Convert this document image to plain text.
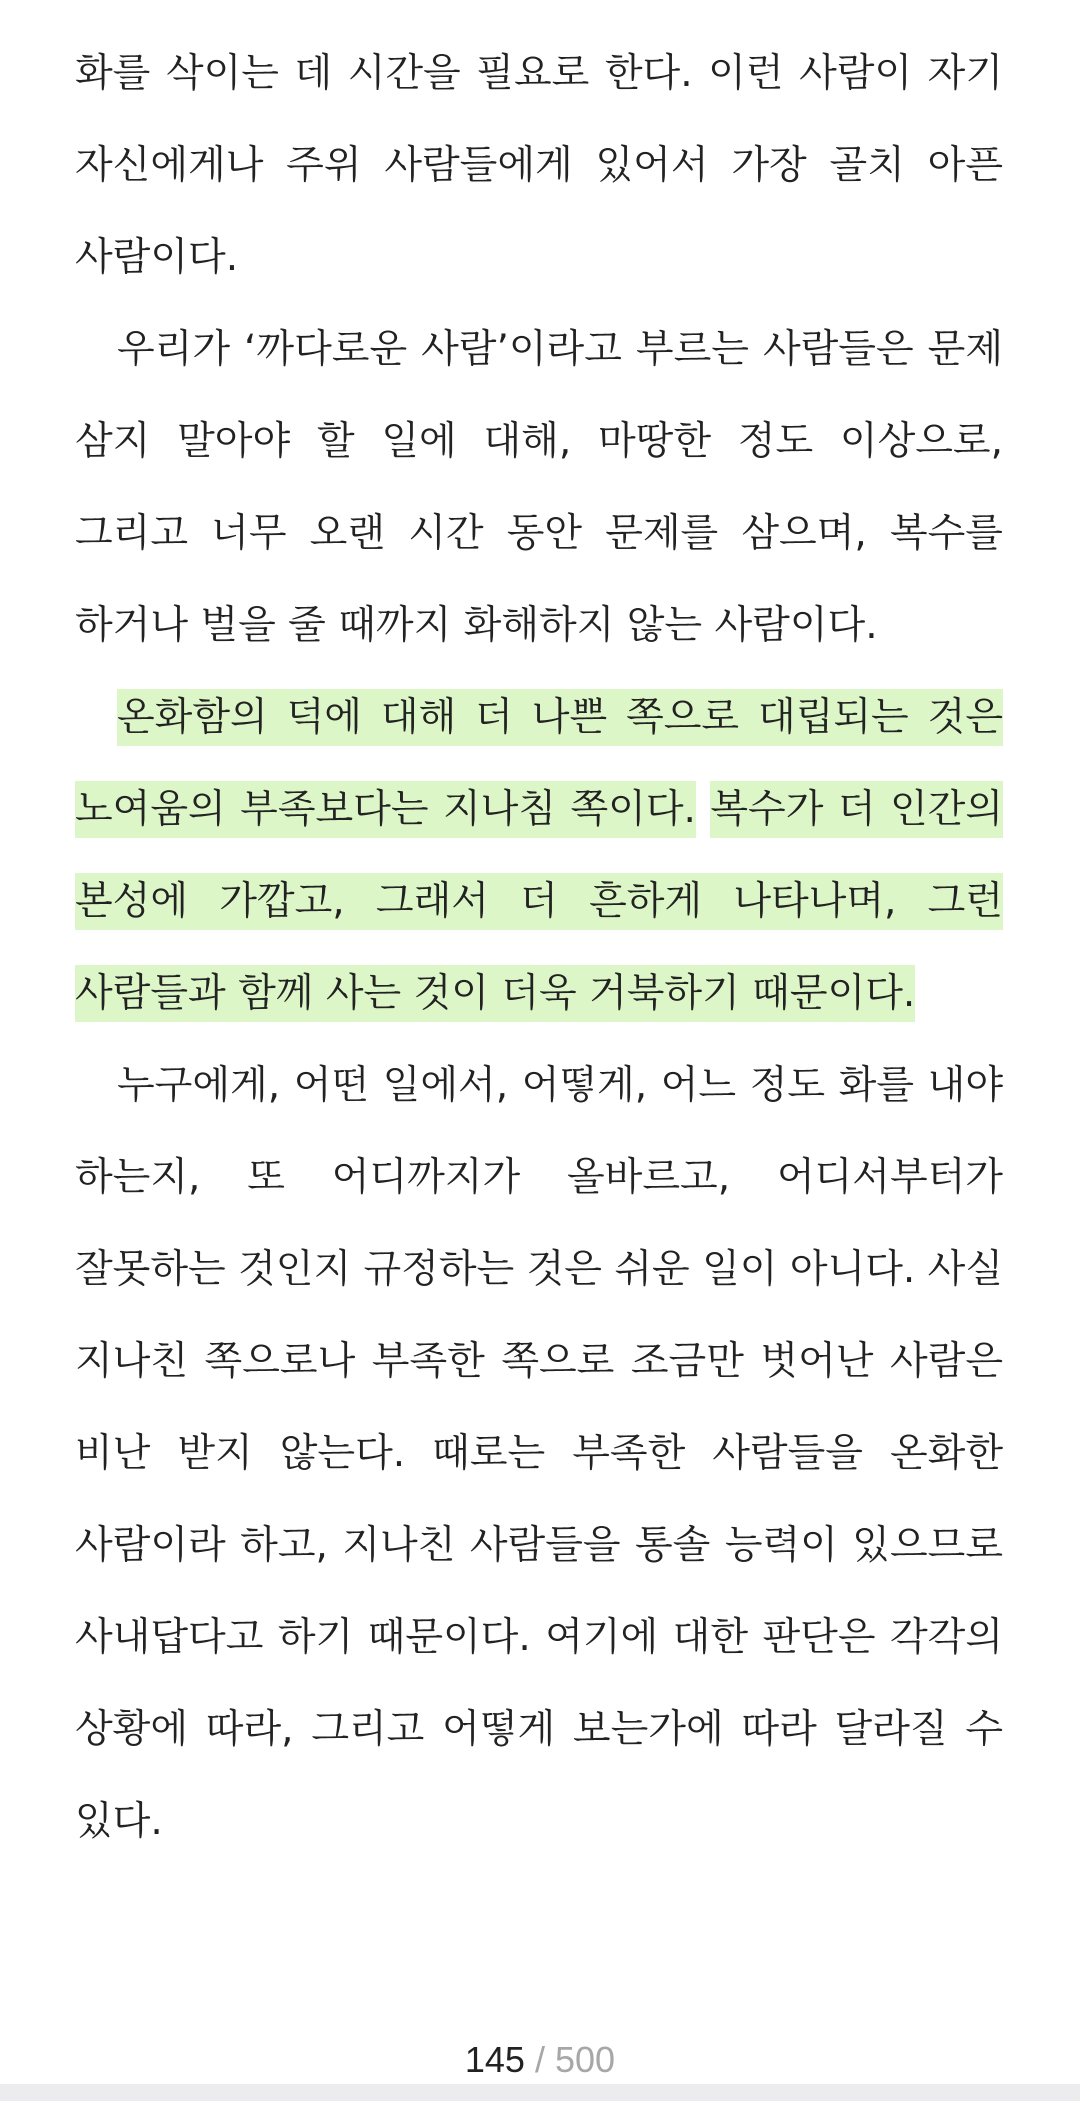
화를 삭이는 데 시간을 필요로 한다. 이런 사람이 자기 자신에게나 주위 사람들에게 있어서 가장 골치 아픈 사람이다.

우리가 ‘까다로운 사람’이라고 부르는 사람들은 문제 삼지 말아야 할 일에 대해, 마땅한 정도 이상으로, 그리고 너무 오랜 시간 동안 문제를 삼으며, 복수를 하거나 벌을 줄 때까지 화해하지 않는 사람이다.

온화함의 덕에 대해 더 나쁜 쪽으로 대립되는 것은 노여움의 부족보다는 지나침 쪽이다. 복수가 더 인간의 본성에 가깝고, 그래서 더 흔하게 나타나며, 그런 사람들과 함께 사는 것이 더욱 거북하기 때문이다.

누구에게, 어떤 일에서, 어떻게, 어느 정도 화를 내야 하는지, 또 어디까지가 올바르고, 어디서부터가 잘못하는 것인지 규정하는 것은 쉬운 일이 아니다. 사실 지나친 쪽으로나 부족한 쪽으로 조금만 벗어난 사람은 비난 받지 않는다. 때로는 부족한 사람들을 온화한 사람이라 하고, 지나친 사람들을 통솔 능력이 있으므로 사내답다고 하기 때문이다. 여기에 대한 판단은 각각의 상황에 따라, 그리고 어떻게 보는가에 따라 달라질 수 있다.

145 / 500
